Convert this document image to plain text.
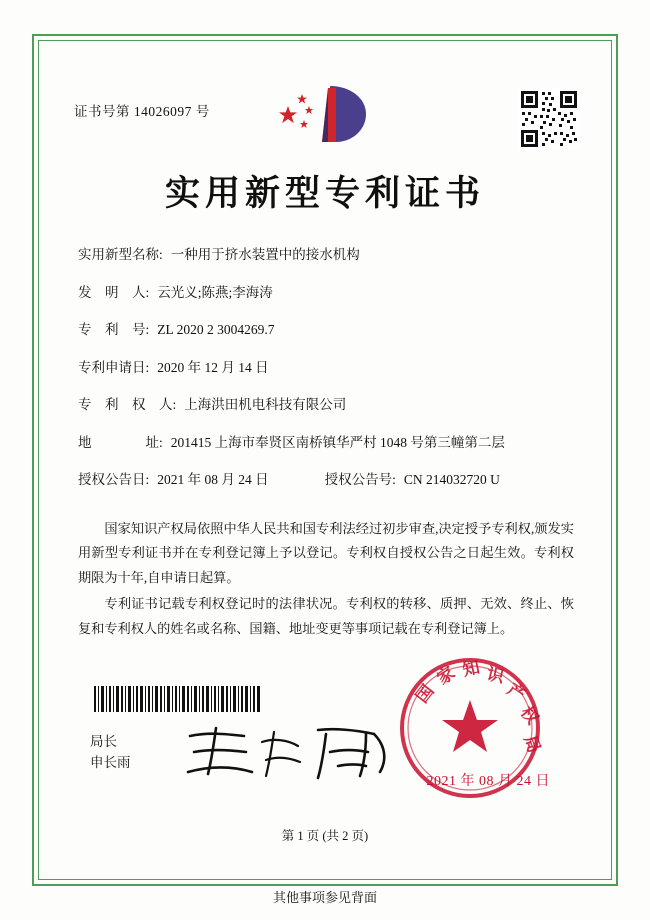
证书号第 14026097 号
实用新型专利证书
实用新型名称: 一种用于挤水装置中的接水机构
发　明　人: 云光义;陈燕;李海涛
专　利　号: ZL 2020 2 3004269.7
专利申请日: 2020 年 12 月 14 日
专　利　权　人: 上海洪田机电科技有限公司
地　　　　址: 201415 上海市奉贤区南桥镇华严村 1048 号第三幢第二层
授权公告日: 2021 年 08 月 24 日	授权公告号: CN 214032720 U

国家知识产权局依照中华人民共和国专利法经过初步审查,决定授予专利权,颁发实用新型专利证书并在专利登记簿上予以登记。专利权自授权公告之日起生效。专利权期限为十年,自申请日起算。

专利证书记载专利权登记时的法律状况。专利权的转移、质押、无效、终止、恢复和专利权人的姓名或名称、国籍、地址变更等事项记载在专利登记簿上。

局长
申长雨
国
家 知 识
产
权
局
2021 年 08 月 24 日
第 1 页 (共 2 页)
其他事项参见背面
